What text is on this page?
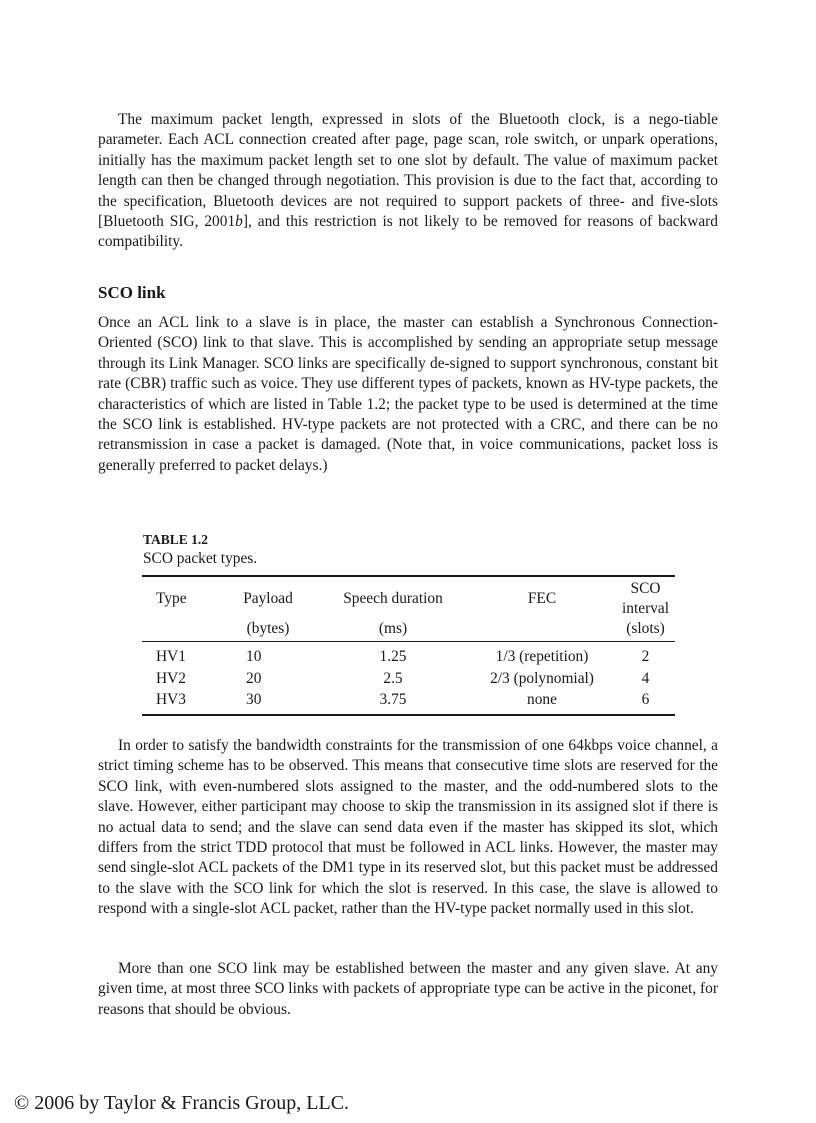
The maximum packet length, expressed in slots of the Bluetooth clock, is a nego-tiable parameter. Each ACL connection created after page, page scan, role switch, or unpark operations, initially has the maximum packet length set to one slot by default. The value of maximum packet length can then be changed through negotiation. This provision is due to the fact that, according to the specification, Bluetooth devices are not required to support packets of three- and five-slots [Bluetooth SIG, 2001b], and this restriction is not likely to be removed for reasons of backward compatibility.

SCO link

Once an ACL link to a slave is in place, the master can establish a Synchronous Connection-Oriented (SCO) link to that slave. This is accomplished by sending an appropriate setup message through its Link Manager. SCO links are specifically de-signed to support synchronous, constant bit rate (CBR) traffic such as voice. They use different types of packets, known as HV-type packets, the characteristics of which are listed in Table 1.2; the packet type to be used is determined at the time the SCO link is established. HV-type packets are not protected with a CRC, and there can be no retransmission in case a packet is damaged. (Note that, in voice communications, packet loss is generally preferred to packet delays.)

TABLE 1.2

SCO packet types.

Type	Payload	Speech duration	FEC	SCO interval
	(bytes)	(ms)		(slots)
HV1	10	1.25	1/3 (repetition)	2
HV2	20	2.5	2/3 (polynomial)	4
HV3	30	3.75	none	6

In order to satisfy the bandwidth constraints for the transmission of one 64kbps voice channel, a strict timing scheme has to be observed. This means that consecutive time slots are reserved for the SCO link, with even-numbered slots assigned to the master, and the odd-numbered slots to the slave. However, either participant may choose to skip the transmission in its assigned slot if there is no actual data to send; and the slave can send data even if the master has skipped its slot, which differs from the strict TDD protocol that must be followed in ACL links. However, the master may send single-slot ACL packets of the DM1 type in its reserved slot, but this packet must be addressed to the slave with the SCO link for which the slot is reserved. In this case, the slave is allowed to respond with a single-slot ACL packet, rather than the HV-type packet normally used in this slot.

More than one SCO link may be established between the master and any given slave. At any given time, at most three SCO links with packets of appropriate type can be active in the piconet, for reasons that should be obvious.

© 2006 by Taylor & Francis Group, LLC.
